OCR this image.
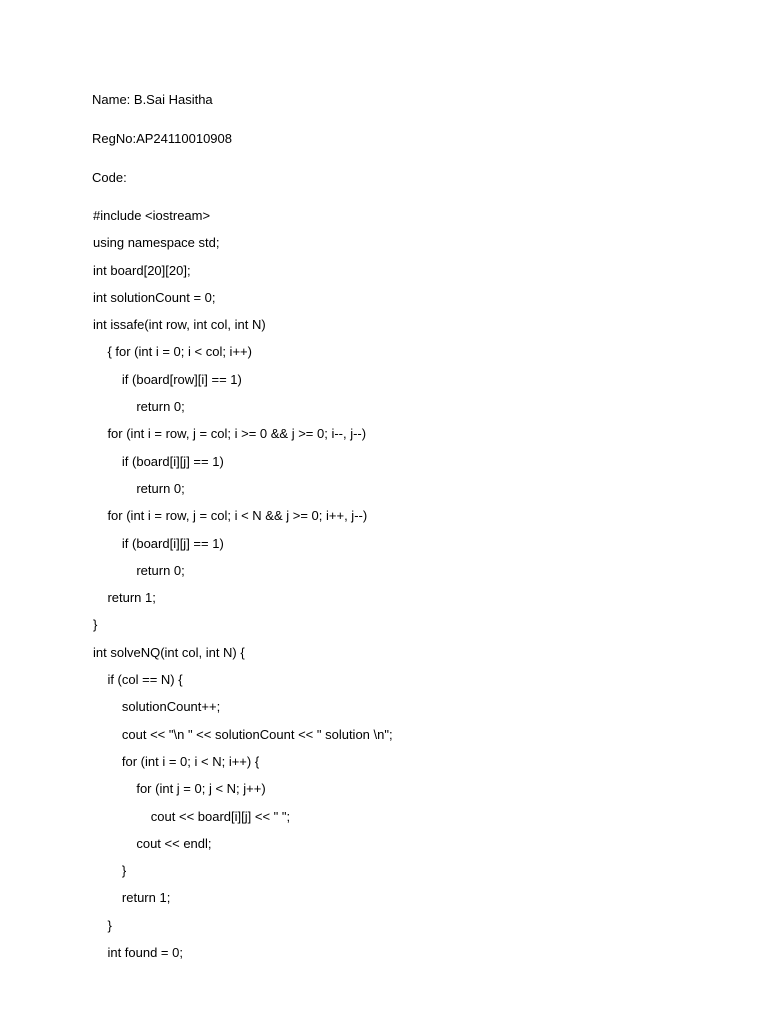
Name: B.Sai Hasitha
RegNo:AP24110010908
Code:
#include <iostream>
using namespace std;
int board[20][20];
int solutionCount = 0;
int issafe(int row, int col, int N)
{ for (int i = 0; i < col; i++)
if (board[row][i] == 1)
return 0;
for (int i = row, j = col; i >= 0 && j >= 0; i--, j--)
if (board[i][j] == 1)
return 0;
for (int i = row, j = col; i < N && j >= 0; i++, j--)
if (board[i][j] == 1)
return 0;
return 1;
}
int solveNQ(int col, int N) {
if (col == N) {
solutionCount++;
cout << "\n " << solutionCount << " solution \n";
for (int i = 0; i < N; i++) {
for (int j = 0; j < N; j++)
cout << board[i][j] << " ";
cout << endl;
}
return 1;
}
int found = 0;
